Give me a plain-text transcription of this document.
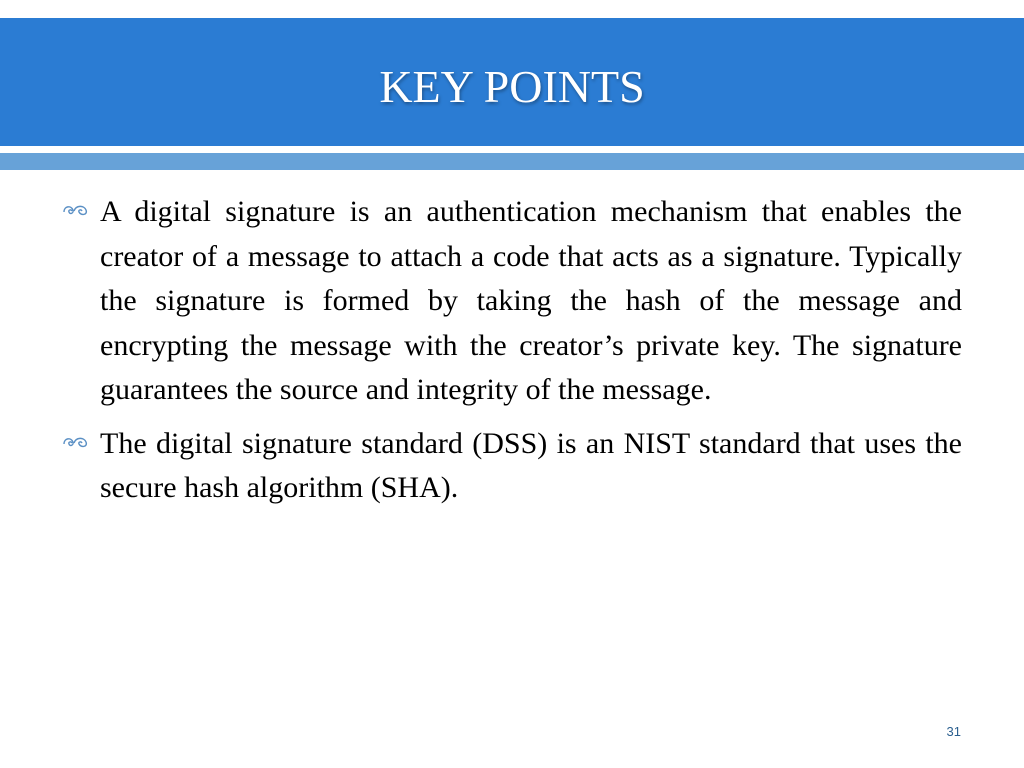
KEY POINTS
A digital signature is an authentication mechanism that enables the creator of a message to attach a code that acts as a signature. Typically the signature is formed by taking the hash of the message and encrypting the message with the creator’s private key. The signature guarantees the source and integrity of the message.
The digital signature standard (DSS) is an NIST standard that uses the secure hash algorithm (SHA).
31
